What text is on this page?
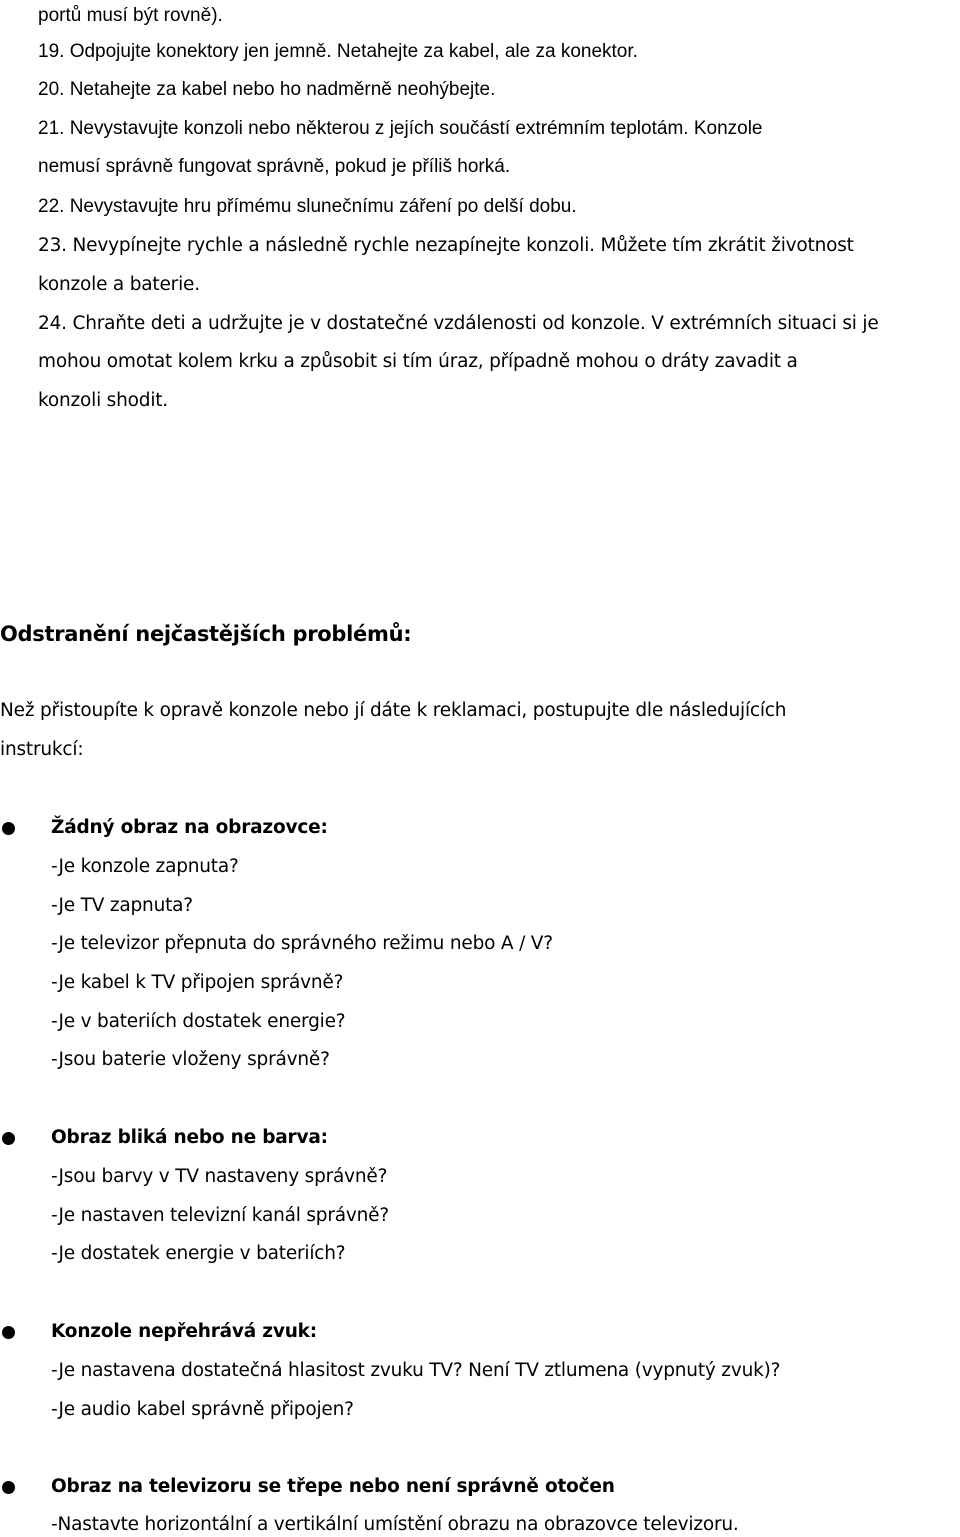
portů musí být rovně).
19. Odpojujte konektory jen jemně. Netahejte za kabel, ale za konektor.
20. Netahejte za kabel nebo ho nadměrně neohýbejte.
21. Nevystavujte konzoli nebo některou z jejích součástí extrémním teplotám. Konzole
nemusí správně fungovat správně, pokud je příliš horká.
22. Nevystavujte hru přímému slunečnímu záření po delší dobu.
23. Nevypínejte rychle a následně rychle nezapínejte konzoli. Můžete tím zkrátit životnost
konzole a baterie.
24. Chraňte deti a udržujte je v dostatečné vzdálenosti od konzole. V extrémních situaci si je
mohou omotat kolem krku a způsobit si tím úraz, případně mohou o dráty zavadit a
konzoli shodit.
Odstranění nejčastějších problémů:
Než přistoupíte k opravě konzole nebo jí dáte k reklamaci, postupujte dle následujících
instrukcí:
Žádný obraz na obrazovce:
-Je konzole zapnuta?
-Je TV zapnuta?
-Je televizor přepnuta do správného režimu nebo A / V?
-Je kabel k TV připojen správně?
-Je v bateriích dostatek energie?
-Jsou baterie vloženy správně?
Obraz bliká nebo ne barva:
-Jsou barvy v TV nastaveny správně?
-Je nastaven televizní kanál správně?
-Je dostatek energie v bateriích?
Konzole nepřehrává zvuk:
-Je nastavena dostatečná hlasitost zvuku TV? Není TV ztlumena (vypnutý zvuk)?
-Je audio kabel správně připojen?
Obraz na televizoru se třepe nebo není správně otočen
-Nastavte horizontální a vertikální umístění obrazu na obrazovce televizoru.
